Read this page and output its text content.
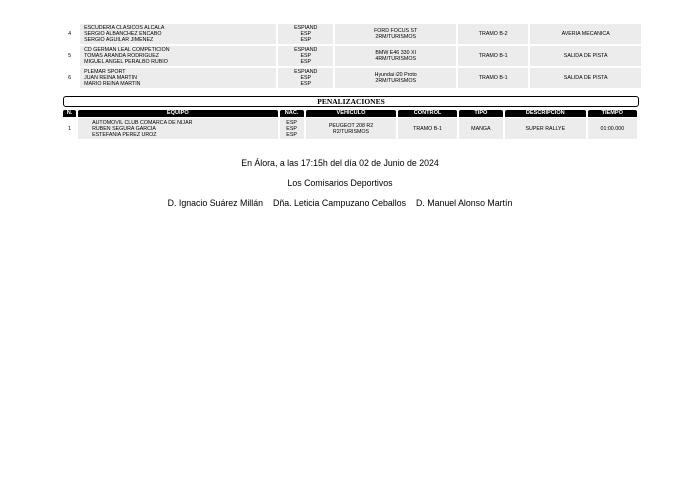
4	ESCUDERIA CLASICOS ALCALA
SERGIO ALBANCHEZ ENCABO
SERGIO AGUILAR JIMENEZ	ESPIAND
ESP
ESP	FORD FOCUS ST
2RM/TURISMOS	TRAMO B-2	AVERIA MECANICA
5	CD GERMAN LEAL COMPETICION
TOMAS ARANDA RODRIGUEZ
MIGUEL ANGEL PERALBO RUBIO	ESPIAND
ESP
ESP	BMW E46 330 XI
4RM/TURISMOS	TRAMO B-1	SALIDA DE PISTA
6	PLEMAR SPORT
JUAN REINA MARTIN
MARIO REINA MARTIN	ESPIAND
ESP
ESP	Hyundai i20 Proto
2RM/TURISMOS	TRAMO B-1	SALIDA DE PISTA
PENALIZACIONES
N.	EQUIPO	NAC.	VEHICULO	CONTROL	TIPO	DESCRIPCION	TIEMPO
1	AUTOMOVIL CLUB COMARCA DE NIJAR
RUBEN SEGURA GARCIA
ESTEFANIA PEREZ UROZ	ESP
ESP
ESP	PEUGEOT 208 R2
R2/TURISMOS	TRAMO B-1	MANGA	SUPER RALLYE	01:00.000
En Álora, a las 17:15h del día 02 de Junio de 2024
Los Comisarios Deportivos
D. Ignacio Suárez Millán Dña. Leticia Campuzano Ceballos D. Manuel Alonso Martín
